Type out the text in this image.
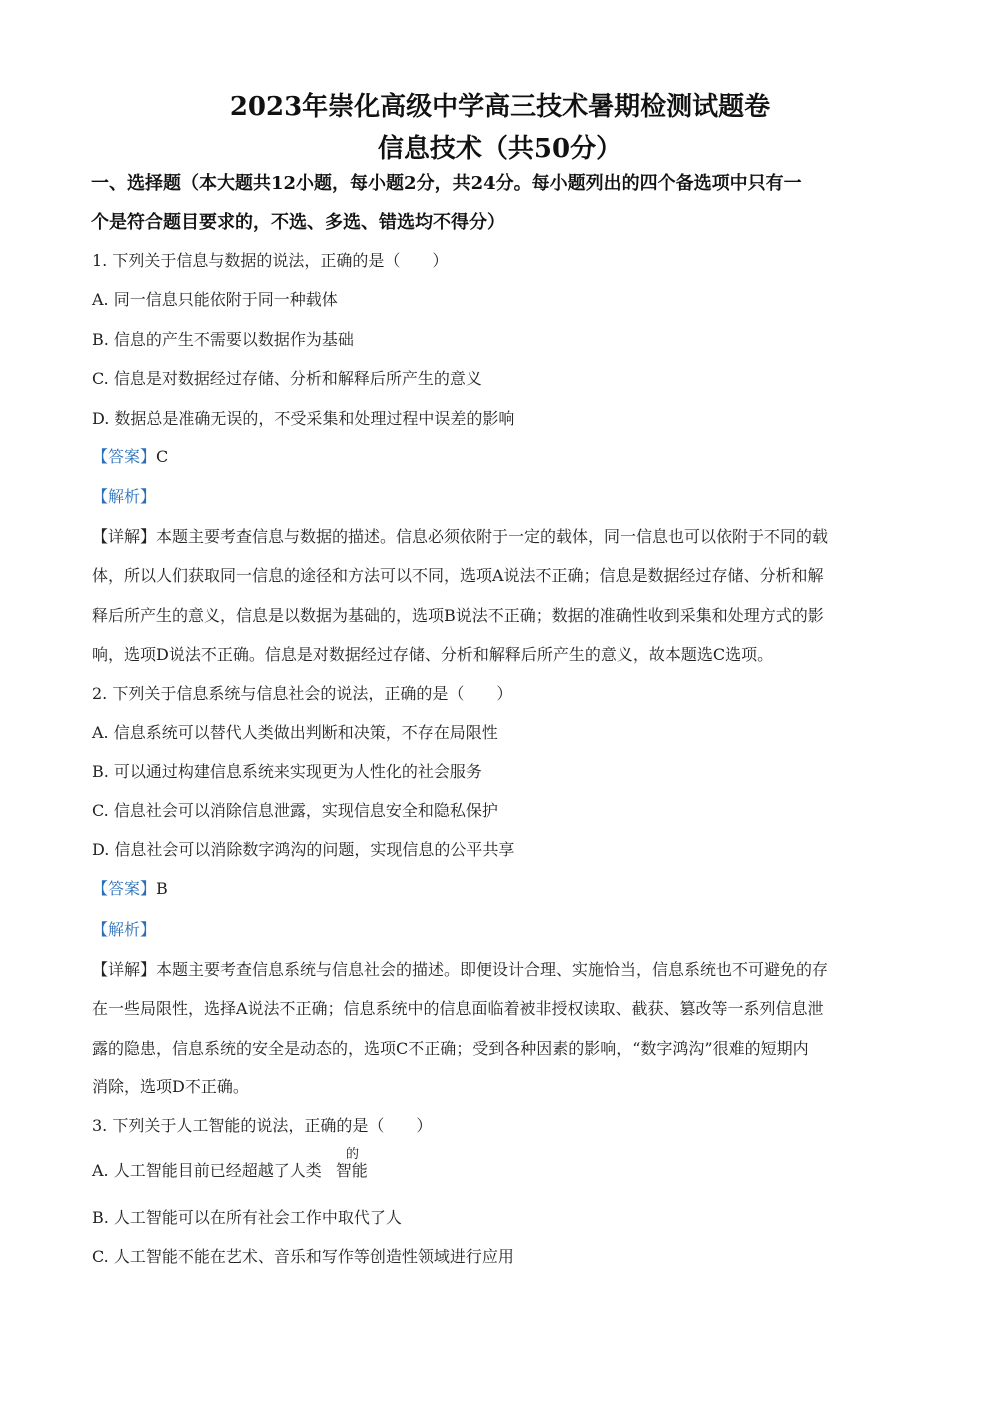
2023年崇化高级中学高三技术暑期检测试题卷
信息技术（共50分）
一、选择题（本大题共12小题，每小题2分，共24分。每小题列出的四个备选项中只有一
个是符合题目要求的，不选、多选、错选均不得分）
1. 下列关于信息与数据的说法，正确的是（　　）
A. 同一信息只能依附于同一种载体
B. 信息的产生不需要以数据作为基础
C. 信息是对数据经过存储、分析和解释后所产生的意义
D. 数据总是准确无误的，不受采集和处理过程中误差的影响
【答案】C
【解析】
【详解】本题主要考查信息与数据的描述。信息必须依附于一定的载体，同一信息也可以依附于不同的载
体，所以人们获取同一信息的途径和方法可以不同，选项A说法不正确；信息是数据经过存储、分析和解
释后所产生的意义，信息是以数据为基础的，选项B说法不正确；数据的准确性收到采集和处理方式的影
响，选项D说法不正确。信息是对数据经过存储、分析和解释后所产生的意义，故本题选C选项。
2. 下列关于信息系统与信息社会的说法，正确的是（　　）
A. 信息系统可以替代人类做出判断和决策，不存在局限性
B. 可以通过构建信息系统来实现更为人性化的社会服务
C. 信息社会可以消除信息泄露，实现信息安全和隐私保护
D. 信息社会可以消除数字鸿沟的问题，实现信息的公平共享
【答案】B
【解析】
【详解】本题主要考查信息系统与信息社会的描述。即便设计合理、实施恰当，信息系统也不可避免的存
在一些局限性，选择A说法不正确；信息系统中的信息面临着被非授权读取、截获、篡改等一系列信息泄
露的隐患，信息系统的安全是动态的，选项C不正确；受到各种因素的影响，“数字鸿沟”很难的短期内
消除，选项D不正确。
3. 下列关于人工智能的说法，正确的是（　　）
A. 人工智能目前已经超越了人类 智能
的
B. 人工智能可以在所有社会工作中取代了人
C. 人工智能不能在艺术、音乐和写作等创造性领域进行应用
